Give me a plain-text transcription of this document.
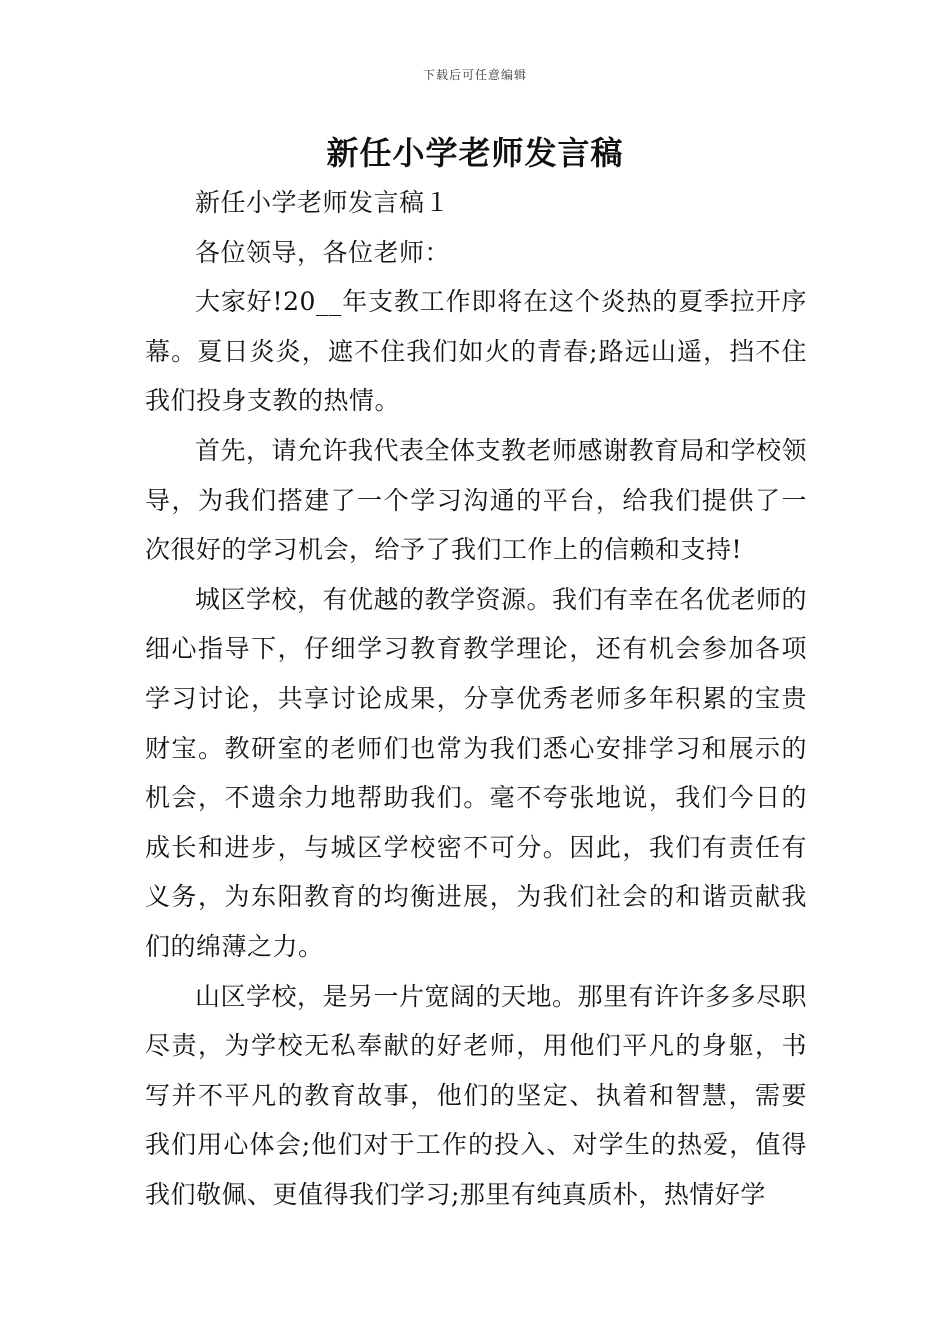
下载后可任意编辑
新任小学老师发言稿

新任小学老师发言稿１

各位领导，各位老师：

大家好!20__年支教工作即将在这个炎热的夏季拉开序幕。夏日炎炎，遮不住我们如火的青春;路远山遥，挡不住我们投身支教的热情。

首先，请允许我代表全体支教老师感谢教育局和学校领导，为我们搭建了一个学习沟通的平台，给我们提供了一次很好的学习机会，给予了我们工作上的信赖和支持!

城区学校，有优越的教学资源。我们有幸在名优老师的细心指导下，仔细学习教育教学理论，还有机会参加各项学习讨论，共享讨论成果，分享优秀老师多年积累的宝贵财宝。教研室的老师们也常为我们悉心安排学习和展示的机会，不遗余力地帮助我们。毫不夸张地说，我们今日的成长和进步，与城区学校密不可分。因此，我们有责任有义务，为东阳教育的均衡进展，为我们社会的和谐贡献我们的绵薄之力。

山区学校，是另一片宽阔的天地。那里有许许多多尽职尽责，为学校无私奉献的好老师，用他们平凡的身躯，书写并不平凡的教育故事，他们的坚定、执着和智慧，需要我们用心体会;他们对于工作的投入、对学生的热爱，值得我们敬佩、更值得我们学习;那里有纯真质朴，热情好学
